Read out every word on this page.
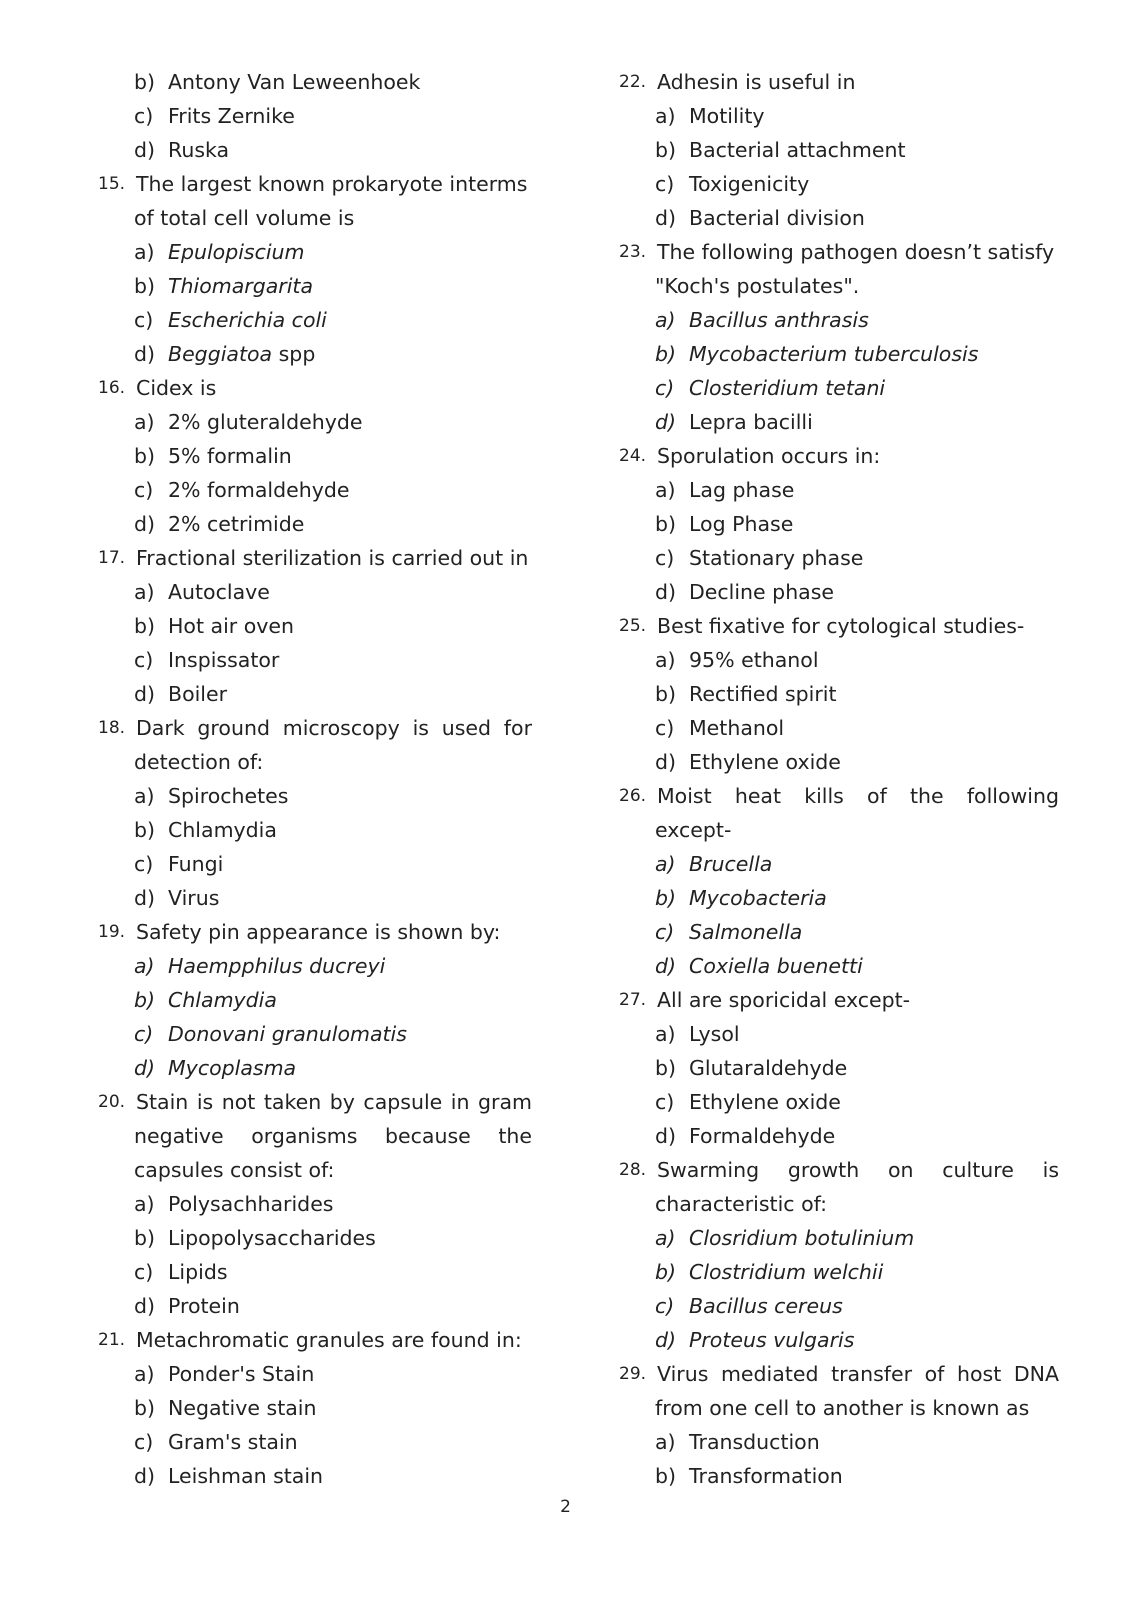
b) Antony Van Leweenhoek
c) Frits Zernike
d) Ruska
15. The largest known prokaryote interms
of total cell volume is
a) Epulopiscium
b) Thiomargarita
c) Escherichia coli
d) Beggiatoa spp
16. Cidex is
a) 2% gluteraldehyde
b) 5% formalin
c) 2% formaldehyde
d) 2% cetrimide
17. Fractional sterilization is carried out in
a) Autoclave
b) Hot air oven
c) Inspissator
d) Boiler
18. Dark ground microscopy is used for
detection of:
a) Spirochetes
b) Chlamydia
c) Fungi
d) Virus
19. Safety pin appearance is shown by:
a) Haempphilus ducreyi
b) Chlamydia
c) Donovani granulomatis
d) Mycoplasma
20. Stain is not taken by capsule in gram
negative organisms because the
capsules consist of:
a) Polysachharides
b) Lipopolysaccharides
c) Lipids
d) Protein
21. Metachromatic granules are found in:
a) Ponder's Stain
b) Negative stain
c) Gram's stain
d) Leishman stain
22. Adhesin is useful in
a) Motility
b) Bacterial attachment
c) Toxigenicity
d) Bacterial division
23. The following pathogen doesn’t satisfy
"Koch's postulates".
a) Bacillus anthrasis
b) Mycobacterium tuberculosis
c) Closteridium tetani
d) Lepra bacilli
24. Sporulation occurs in:
a) Lag phase
b) Log Phase
c) Stationary phase
d) Decline phase
25. Best fixative for cytological studies-
a) 95% ethanol
b) Rectified spirit
c) Methanol
d) Ethylene oxide
26. Moist heat kills of the following
except-
a) Brucella
b) Mycobacteria
c) Salmonella
d) Coxiella buenetti
27. All are sporicidal except-
a) Lysol
b) Glutaraldehyde
c) Ethylene oxide
d) Formaldehyde
28. Swarming growth on culture is
characteristic of:
a) Closridium botulinium
b) Clostridium welchii
c) Bacillus cereus
d) Proteus vulgaris
29. Virus mediated transfer of host DNA
from one cell to another is known as
a) Transduction
b) Transformation
2
